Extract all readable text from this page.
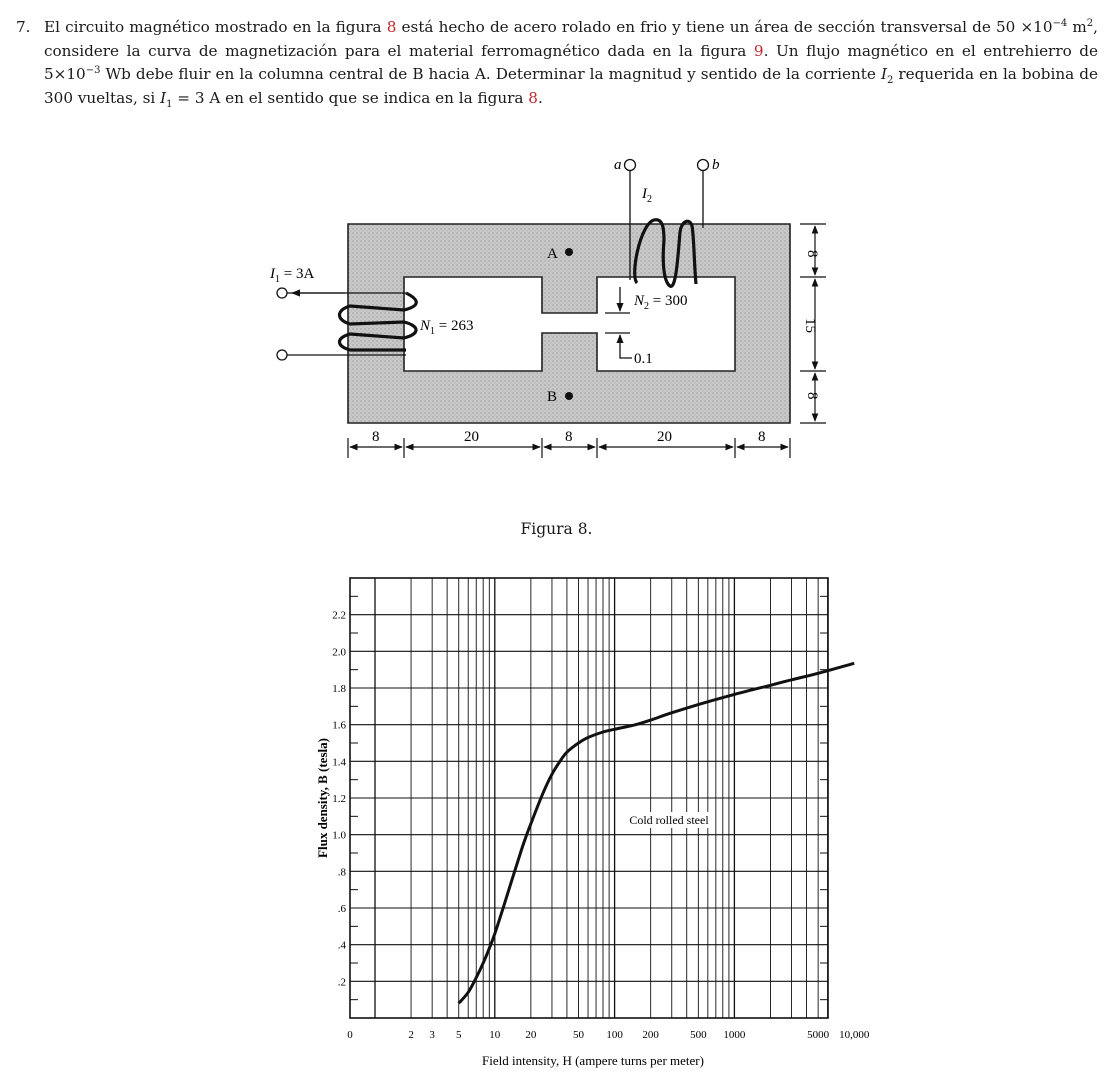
7. El circuito magnético mostrado en la figura 8 está hecho de acero rolado en frio y tiene un área de sección transversal de $50 \times 10^{-4}$ $m^2$, considere la curva de magnetización para el material ferromagnético dada en la figura 9. Un flujo magnético en el entrehierro de $5\times 10^{-3}$ Wb debe fluir en la columna central de B hacia A. Determinar la magnitud y sentido de la corriente $I_2$ requerida en la bobina de 300 vueltas, si $I_1 = 3$ A en el sentido que se indica en la figura 8.
0.1
A
B
$I_1 = 3A$
$N_1 = 263$
a	b
$I_2$
$N_2 = 300$
8	20	8	20	8
8
15
8
Figura 8.
.2
.4
.6
.8
1.0
1.2
1.4
1.6
1.8
2.0
2.2
2 3 5	10 20	50 100 200	500 1000	5000 10,000
0
Cold rolled steel
Field intensity, H (ampere turns per meter)
Flux density, B (tesla)
